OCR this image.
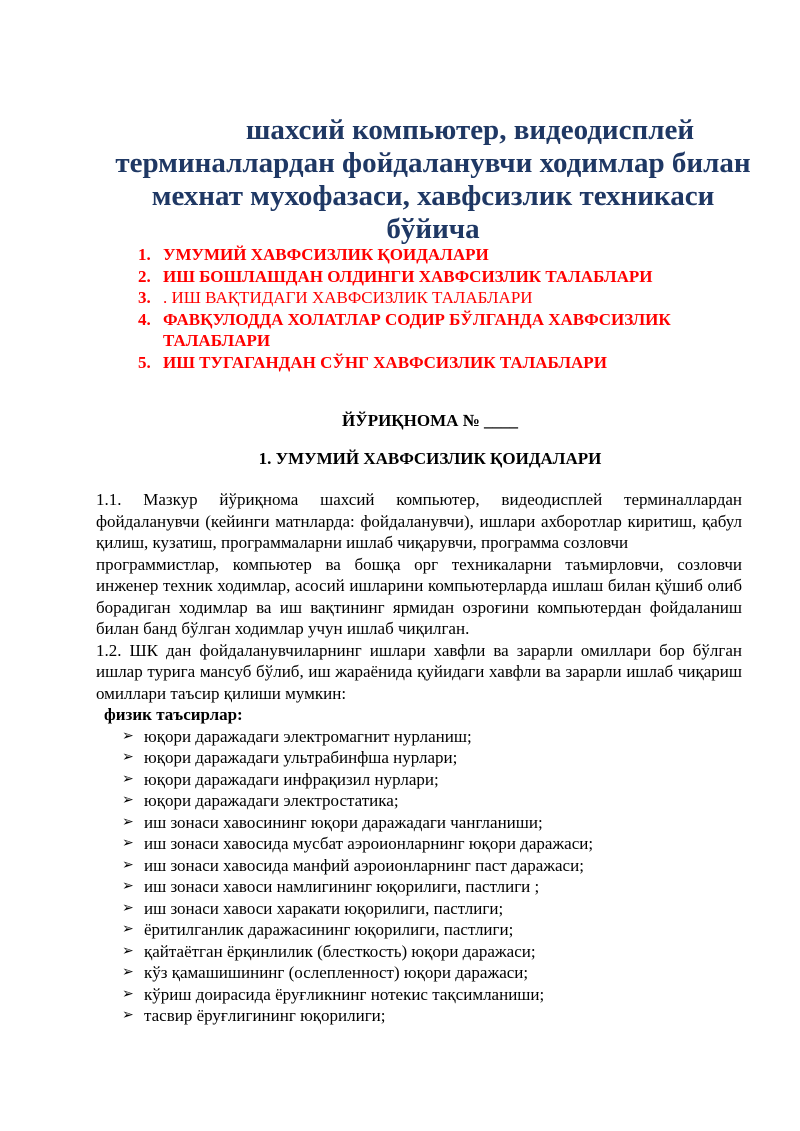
шахсий компьютер, видеодисплей
терминаллардан фойдаланувчи ходимлар билан
мехнат мухофазаси, хавфсизлик техникаси
бўйича
1. УМУМИЙ ХАВФСИЗЛИК ҚОИДАЛАРИ
2. ИШ БОШЛАШДАН ОЛДИНГИ ХАВФСИЗЛИК ТАЛАБЛАРИ
3. . ИШ ВАҚТИДАГИ ХАВФСИЗЛИК ТАЛАБЛАРИ
4. ФАВҚУЛОДДА ХОЛАТЛАР СОДИР БЎЛГАНДА ХАВФСИЗЛИК ТАЛАБЛАРИ
5. ИШ ТУГАГАНДАН СЎНГ ХАВФСИЗЛИК ТАЛАБЛАРИ
ЙЎРИҚНОМА № ____
1. УМУМИЙ ХАВФСИЗЛИК ҚОИДАЛАРИ

1.1. Мазкур йўриқнома шахсий компьютер, видеодисплей терминаллардан фойдаланувчи (кейинги матнларда: фойдаланувчи), ишлари ахборотлар киритиш, қабул қилиш, кузатиш, программаларни ишлаб чиқарувчи, программа созловчи

программистлар, компьютер ва бошқа орг техникаларни таъмирловчи, созловчи инженер техник ходимлар, асосий ишларини компьютерларда ишлаш билан қўшиб олиб борадиган ходимлар ва иш вақтининг ярмидан озроғини компьютердан фойдаланиш билан банд бўлган ходимлар учун ишлаб чиқилган.

1.2. ШК дан фойдаланувчиларнинг ишлари хавфли ва зарарли омиллари бор бўлган ишлар турига мансуб бўлиб, иш жараёнида қуйидаги хавфли ва зарарли ишлаб чиқариш омиллари таъсир қилиши мумкин:

физик таъсирлар:
➢ юқори даражадаги электромагнит нурланиш;
➢ юқори даражадаги ультрабинфша нурлари;
➢ юқори даражадаги инфрақизил нурлари;
➢ юқори даражадаги электростатика;
➢ иш зонаси хавосининг юқори даражадаги чангланиши;
➢ иш зонаси хавосида мусбат аэроионларнинг юқори даражаси;
➢ иш зонаси хавосида манфий аэроионларнинг паст даражаси;
➢ иш зонаси хавоси намлигининг юқорилиги, пастлиги ;
➢ иш зонаси хавоси харакати юқорилиги, пастлиги;
➢ ёритилганлик даражасининг юқорилиги, пастлиги;
➢ қайтаётган ёрқинлилик (блесткость) юқори даражаси;
➢ кўз қамашишининг (ослепленност) юқори даражаси;
➢ кўриш доирасида ёруғликнинг нотекис тақсимланиши;
➢ тасвир ёруғлигининг юқорилиги;
